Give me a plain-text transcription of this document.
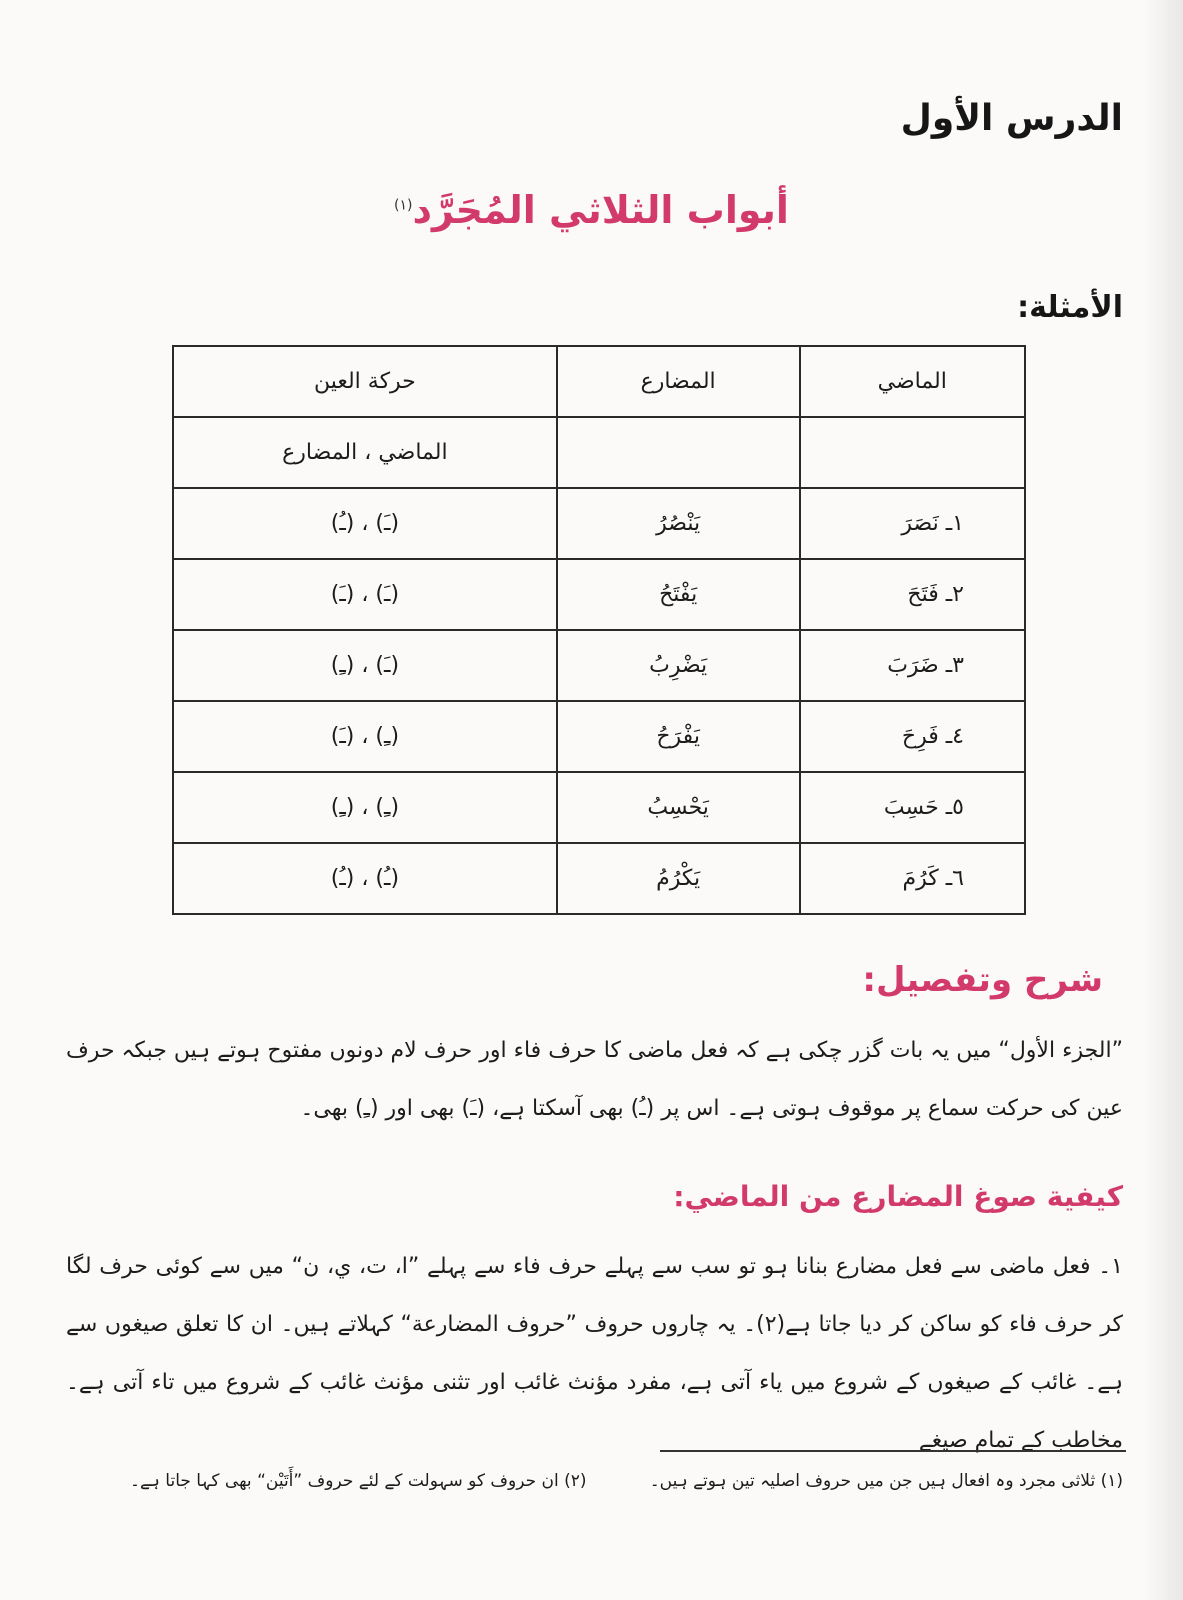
الدرس الأول
أبواب الثلاثي المُجَرَّد$^{(١)}$
الأمثلة:
الماضي	المضارع	حركة العين
		الماضي ، المضارع
١ـ نَصَرَ	يَنْصُرُ	(ـَ) ، (ـُ)
٢ـ فَتَحَ	يَفْتَحُ	(ـَ) ، (ـَ)
٣ـ ضَرَبَ	يَضْرِبُ	(ـَ) ، (ـِ)
٤ـ فَرِحَ	يَفْرَحُ	(ـِ) ، (ـَ)
٥ـ حَسِبَ	يَحْسِبُ	(ـِ) ، (ـِ)
٦ـ كَرُمَ	يَكْرُمُ	(ـُ) ، (ـُ)
شرح وتفصيل:
”الجزء الأول“ میں یہ بات گزر چکی ہے کہ فعل ماضی کا حرف فاء اور حرف لام دونوں مفتوح ہوتے ہیں جبکہ حرف عین کی حرکت سماع پر موقوف ہوتی ہے۔ اس پر (ـُ) بھی آسکتا ہے، (ـَ) بھی اور (ـِ) بھی۔
كيفية صوغ المضارع من الماضي:
۱۔ فعل ماضی سے فعل مضارع بنانا ہو تو سب سے پہلے حرف فاء سے پہلے ”ا، ت، ي، ن“ میں سے کوئی حرف لگا کر حرف فاء کو ساکن کر دیا جاتا ہے(۲)۔ یہ چاروں حروف ”حروف المضارعة“ کہلاتے ہیں۔ ان کا تعلق صیغوں سے ہے۔ غائب کے صیغوں کے شروع میں یاء آتی ہے، مفرد مؤنث غائب اور تثنی مؤنث غائب کے شروع میں تاء آتی ہے۔ مخاطب کے تمام صیغے
(۱) ثلاثی مجرد وہ افعال ہیں جن میں حروف اصلیہ تین ہوتے ہیں۔
(۲) ان حروف کو سہولت کے لئے حروف ”أَتَيْن“ بھی کہا جاتا ہے۔
